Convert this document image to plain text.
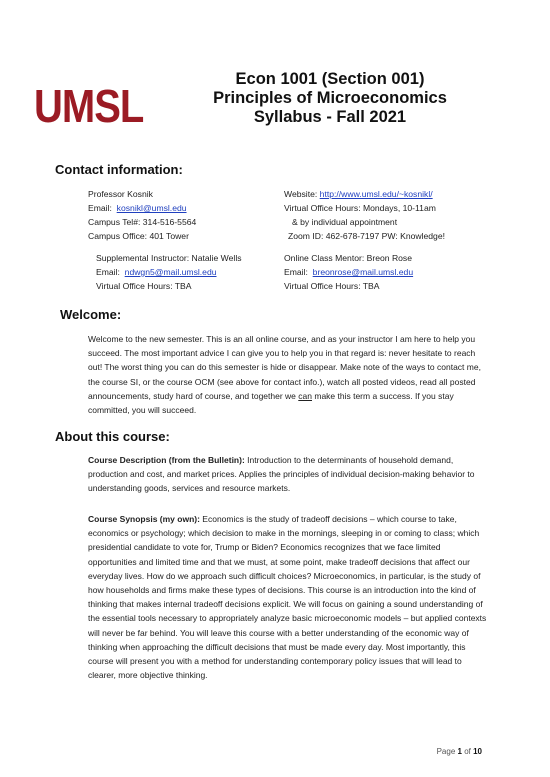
UMSL
Econ 1001 (Section 001)
Principles of Microeconomics
Syllabus - Fall 2021
Contact information:
Professor Kosnik
Email: kosnikl@umsl.edu
Campus Tel#: 314-516-5564
Campus Office: 401 Tower
Website: http://www.umsl.edu/~kosnikl/
Virtual Office Hours: Mondays, 10-11am
& by individual appointment
Zoom ID: 462-678-7197 PW: Knowledge!
Supplemental Instructor: Natalie Wells
Email: ndwgn5@mail.umsl.edu
Virtual Office Hours: TBA
Online Class Mentor: Breon Rose
Email: breonrose@mail.umsl.edu
Virtual Office Hours: TBA
Welcome:
Welcome to the new semester. This is an all online course, and as your instructor I am here to help you succeed. The most important advice I can give you to help you in that regard is: never hesitate to reach out! The worst thing you can do this semester is hide or disappear. Make note of the ways to contact me, the course SI, or the course OCM (see above for contact info.), watch all posted videos, read all posted announcements, study hard of course, and together we can make this term a success. If you stay committed, you will succeed.
About this course:
Course Description (from the Bulletin): Introduction to the determinants of household demand, production and cost, and market prices. Applies the principles of individual decision-making behavior to understanding goods, services and resource markets.
Course Synopsis (my own): Economics is the study of tradeoff decisions – which course to take, economics or psychology; which decision to make in the mornings, sleeping in or coming to class; which presidential candidate to vote for, Trump or Biden? Economics recognizes that we face limited opportunities and limited time and that we must, at some point, make tradeoff decisions that affect our everyday lives. How do we approach such difficult choices? Microeconomics, in particular, is the study of how households and firms make these types of decisions. This course is an introduction into the kind of thinking that makes internal tradeoff decisions explicit. We will focus on gaining a sound understanding of the essential tools necessary to appropriately analyze basic microeconomic models – but applied contexts will never be far behind. You will leave this course with a better understanding of the economic way of thinking when approaching the difficult decisions that must be made every day. Most importantly, this course will present you with a method for understanding contemporary policy issues that will lead to clearer, more objective thinking.
Page 1 of 10
